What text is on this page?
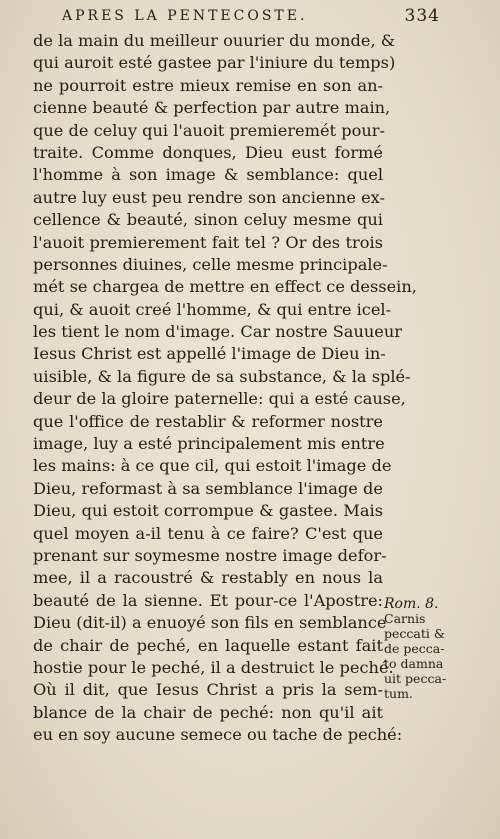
APRES LA PENTECOSTE.	334
de la main du meilleur ouurier du monde, &
qui auroit esté gastee par l'iniure du temps)
ne pourroit estre mieux remise en son an-
cienne beauté & perfection par autre main,
que de celuy qui l'auoit premieremét pour-
traite. Comme donques, Dieu eust formé
l'homme à son image & semblance: quel
autre luy eust peu rendre son ancienne ex-
cellence & beauté, sinon celuy mesme qui
l'auoit premierement fait tel ? Or des trois
personnes diuines, celle mesme principale-
mét se chargea de mettre en effect ce dessein,
qui, & auoit creé l'homme, & qui entre icel-
les tient le nom d'image. Car nostre Sauueur
Iesus Christ est appellé l'image de Dieu in-
uisible, & la figure de sa substance, & la splé-
deur de la gloire paternelle: qui a esté cause,
que l'office de restablir & reformer nostre
image, luy a esté principalement mis entre
les mains: à ce que cil, qui estoit l'image de
Dieu, reformast à sa semblance l'image de
Dieu, qui estoit corrompue & gastee. Mais
quel moyen a-il tenu à ce faire? C'est que
prenant sur soymesme nostre image defor-
mee, il a racoustré & restably en nous la
beauté de la sienne. Et pour-ce l'Apostre:
Dieu (dit-il) a enuoyé son fils en semblance
de chair de peché, en laquelle estant fait
hostie pour le peché, il a destruict le peché.
Où il dit, que Iesus Christ a pris la sem-
blance de la chair de peché: non qu'il ait
eu en soy aucune semece ou tache de peché:
Rom. 8.
Carnis
peccati &
de pecca-
to damna
uit pecca-
tum.
